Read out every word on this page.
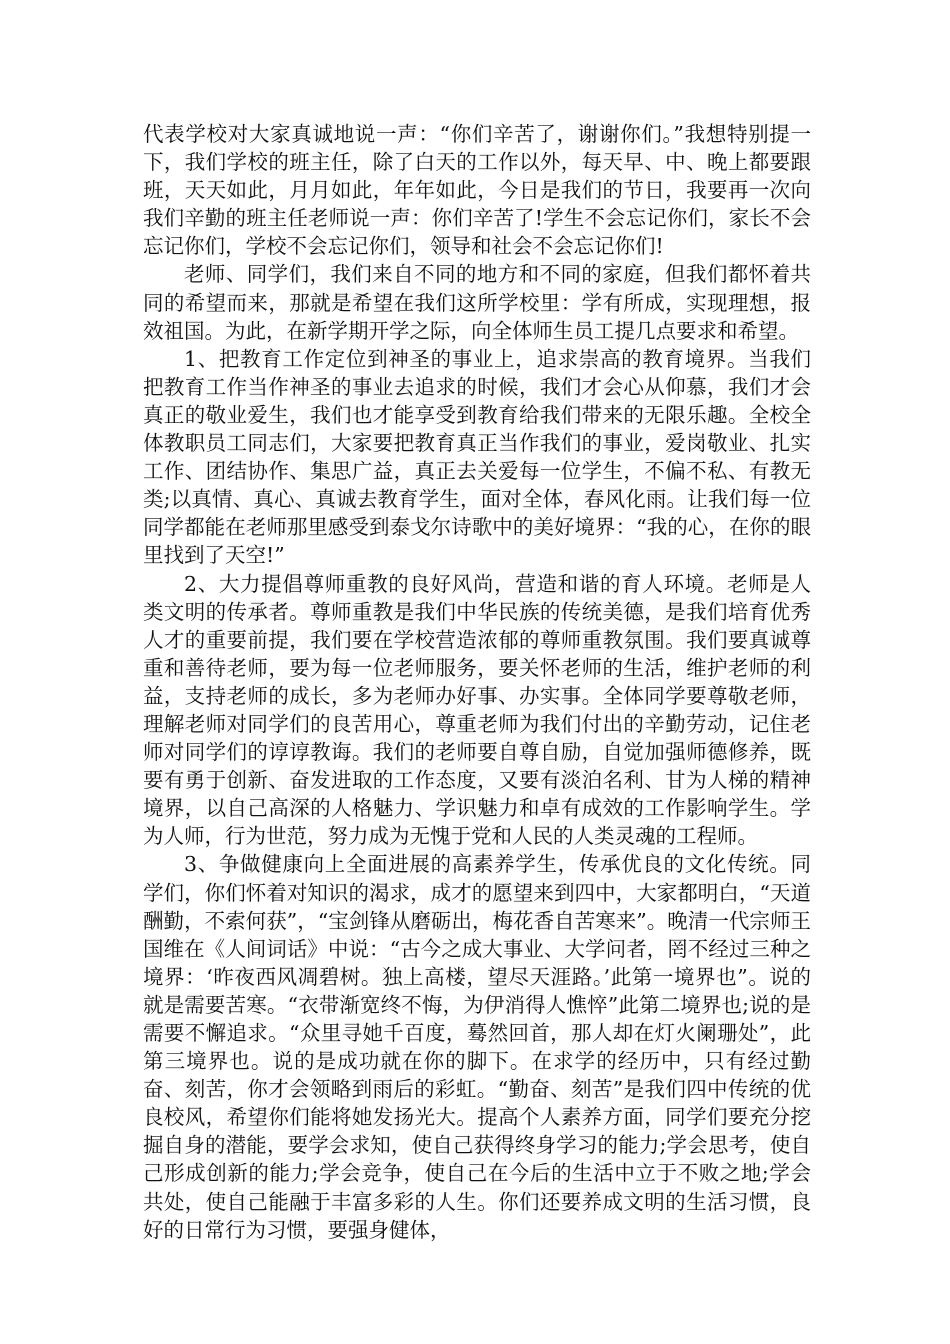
代表学校对大家真诚地说一声：“你们辛苦了，谢谢你们。”我想特别提一下，我们学校的班主任，除了白天的工作以外，每天早、中、晚上都要跟班，天天如此，月月如此，年年如此，今日是我们的节日，我要再一次向我们辛勤的班主任老师说一声：你们辛苦了!学生不会忘记你们，家长不会忘记你们，学校不会忘记你们，领导和社会不会忘记你们!

老师、同学们，我们来自不同的地方和不同的家庭，但我们都怀着共同的希望而来，那就是希望在我们这所学校里：学有所成，实现理想，报效祖国。为此，在新学期开学之际，向全体师生员工提几点要求和希望。

1、把教育工作定位到神圣的事业上，追求崇高的教育境界。当我们把教育工作当作神圣的事业去追求的时候，我们才会心从仰慕，我们才会真正的敬业爱生，我们也才能享受到教育给我们带来的无限乐趣。全校全体教职员工同志们，大家要把教育真正当作我们的事业，爱岗敬业、扎实工作、团结协作、集思广益，真正去关爱每一位学生，不偏不私、有教无类;以真情、真心、真诚去教育学生，面对全体，春风化雨。让我们每一位同学都能在老师那里感受到泰戈尔诗歌中的美好境界：“我的心，在你的眼里找到了天空!”

2、大力提倡尊师重教的良好风尚，营造和谐的育人环境。老师是人类文明的传承者。尊师重教是我们中华民族的传统美德，是我们培育优秀人才的重要前提，我们要在学校营造浓郁的尊师重教氛围。我们要真诚尊重和善待老师，要为每一位老师服务，要关怀老师的生活，维护老师的利益，支持老师的成长，多为老师办好事、办实事。全体同学要尊敬老师，理解老师对同学们的良苦用心，尊重老师为我们付出的辛勤劳动，记住老师对同学们的谆谆教诲。我们的老师要自尊自励，自觉加强师德修养，既要有勇于创新、奋发进取的工作态度，又要有淡泊名利、甘为人梯的精神境界，以自己高深的人格魅力、学识魅力和卓有成效的工作影响学生。学为人师，行为世范，努力成为无愧于党和人民的人类灵魂的工程师。

3、争做健康向上全面进展的高素养学生，传承优良的文化传统。同学们，你们怀着对知识的渴求，成才的愿望来到四中，大家都明白，“天道酬勤，不索何获”，“宝剑锋从磨砺出，梅花香自苦寒来”。晚清一代宗师王国维在《人间词话》中说：“古今之成大事业、大学问者，罔不经过三种之境界：‘昨夜西风凋碧树。独上高楼，望尽天涯路。’此第一境界也”。说的就是需要苦寒。“衣带渐宽终不悔，为伊消得人憔悴”此第二境界也;说的是需要不懈追求。“众里寻她千百度，蓦然回首，那人却在灯火阑珊处”，此第三境界也。说的是成功就在你的脚下。在求学的经历中，只有经过勤奋、刻苦，你才会领略到雨后的彩虹。“勤奋、刻苦”是我们四中传统的优良校风，希望你们能将她发扬光大。提高个人素养方面，同学们要充分挖掘自身的潜能，要学会求知，使自己获得终身学习的能力;学会思考，使自己形成创新的能力;学会竞争，使自己在今后的生活中立于不败之地;学会共处，使自己能融于丰富多彩的人生。你们还要养成文明的生活习惯，良好的日常行为习惯，要强身健体，
